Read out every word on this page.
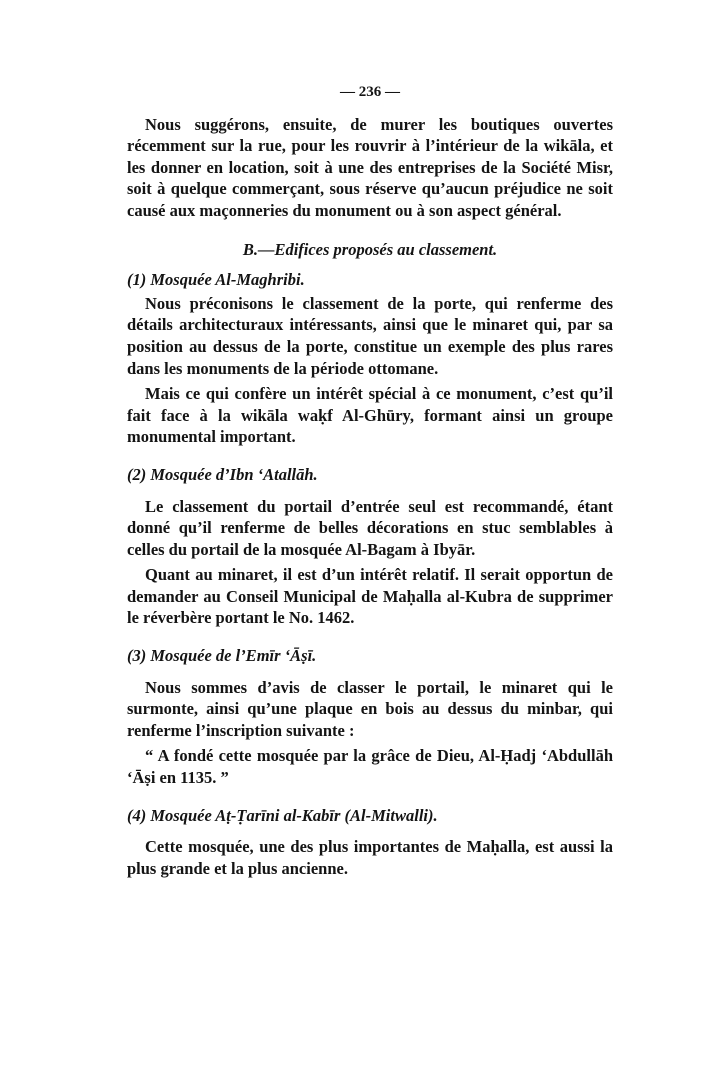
— 236 —

Nous suggérons, ensuite, de murer les boutiques ouvertes récemment sur la rue, pour les rouvrir à l’intérieur de la wikāla, et les donner en location, soit à une des entreprises de la Société Misr, soit à quelque commerçant, sous réserve qu’aucun préjudice ne soit causé aux maçonneries du monument ou à son aspect général.

B.—Edifices proposés au classement.
(1) Mosquée Al-Maghribi.

Nous préconisons le classement de la porte, qui renferme des détails architecturaux intéressants, ainsi que le minaret qui, par sa position au dessus de la porte, constitue un exemple des plus rares dans les monuments de la période ottomane.

Mais ce qui confère un intérêt spécial à ce monument, c’est qu’il fait face à la wikāla waḳf Al-Ghūry, formant ainsi un groupe monumental important.

(2) Mosquée d’Ibn ‘Atallāh.

Le classement du portail d’entrée seul est recommandé, étant donné qu’il renferme de belles décorations en stuc semblables à celles du portail de la mosquée Al-Bagam à Ibyār.

Quant au minaret, il est d’un intérêt relatif. Il serait opportun de demander au Conseil Municipal de Maḥalla al-Kubra de supprimer le réverbère portant le No. 1462.

(3) Mosquée de l’Emīr ‘Āṣī.

Nous sommes d’avis de classer le portail, le minaret qui le surmonte, ainsi qu’une plaque en bois au dessus du minbar, qui renferme l’inscription suivante :

“ A fondé cette mosquée par la grâce de Dieu, Al-Ḥadj ‘Abdullāh ‘Āṣi en 1135. ”

(4) Mosquée Aṭ-Ṭarīni al-Kabīr (Al-Mitwalli).

Cette mosquée, une des plus importantes de Maḥalla, est aussi la plus grande et la plus ancienne.
